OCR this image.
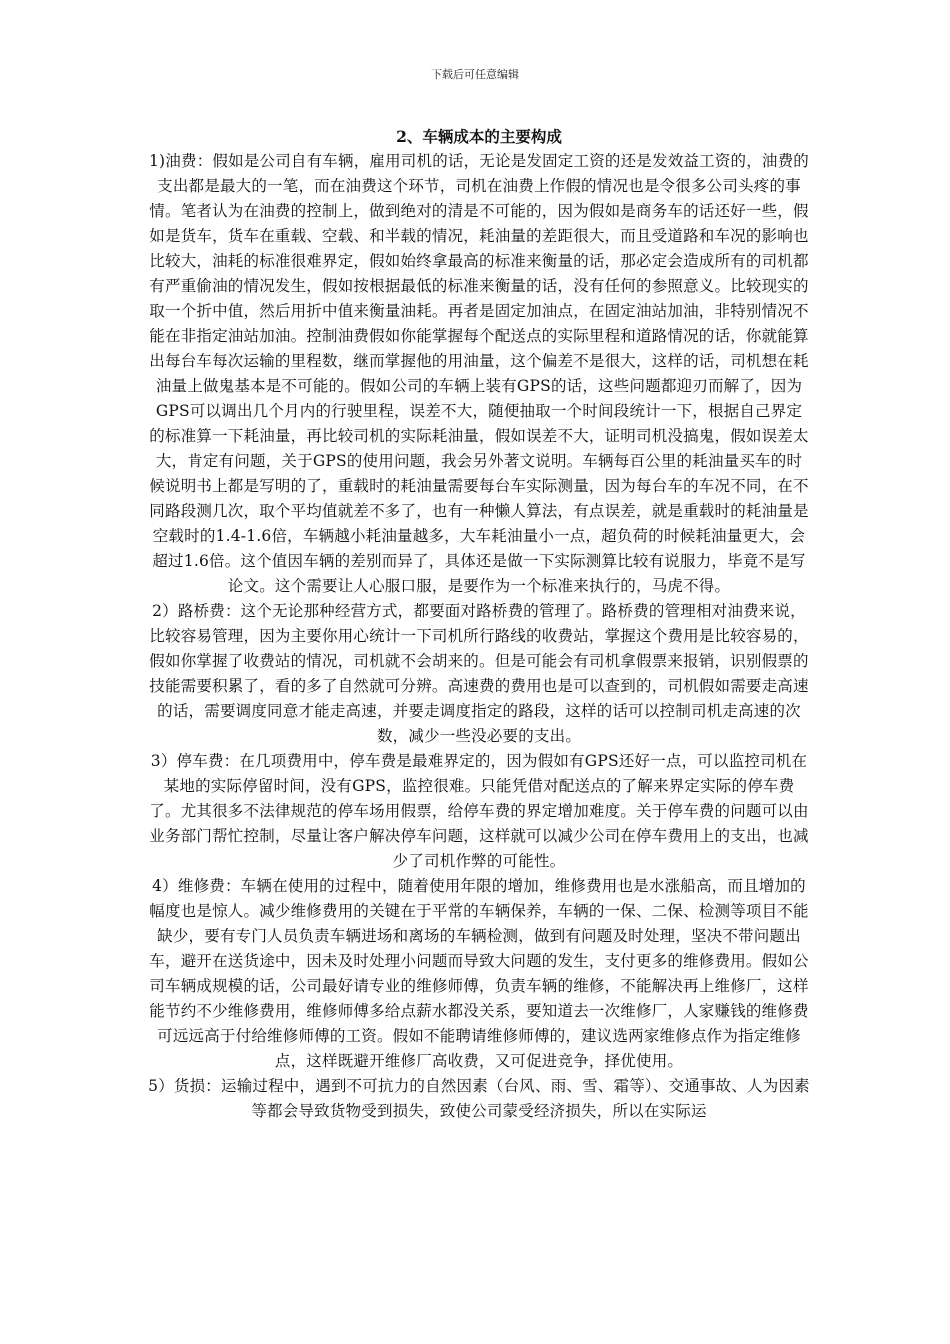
下载后可任意编辑
2、车辆成本的主要构成

1)油费：假如是公司自有车辆，雇用司机的话，无论是发固定工资的还是发效益工资的，油费的支出都是最大的一笔，而在油费这个环节，司机在油费上作假的情况也是令很多公司头疼的事情。笔者认为在油费的控制上，做到绝对的清是不可能的，因为假如是商务车的话还好一些，假如是货车，货车在重载、空载、和半载的情况，耗油量的差距很大，而且受道路和车况的影响也比较大，油耗的标准很难界定，假如始终拿最高的标准来衡量的话，那必定会造成所有的司机都有严重偷油的情况发生，假如按根据最低的标准来衡量的话，没有任何的参照意义。比较现实的取一个折中值，然后用折中值来衡量油耗。再者是固定加油点，在固定油站加油，非特别情况不能在非指定油站加油。控制油费假如你能掌握每个配送点的实际里程和道路情况的话，你就能算出每台车每次运输的里程数，继而掌握他的用油量，这个偏差不是很大，这样的话，司机想在耗油量上做鬼基本是不可能的。假如公司的车辆上装有GPS的话，这些问题都迎刃而解了，因为GPS可以调出几个月内的行驶里程，误差不大，随便抽取一个时间段统计一下，根据自己界定的标准算一下耗油量，再比较司机的实际耗油量，假如误差不大，证明司机没搞鬼，假如误差太大，肯定有问题，关于GPS的使用问题，我会另外著文说明。车辆每百公里的耗油量买车的时候说明书上都是写明的了，重载时的耗油量需要每台车实际测量，因为每台车的车况不同，在不同路段测几次，取个平均值就差不多了，也有一种懒人算法，有点误差，就是重载时的耗油量是空载时的1.4-1.6倍，车辆越小耗油量越多，大车耗油量小一点，超负荷的时候耗油量更大，会超过1.6倍。这个值因车辆的差别而异了，具体还是做一下实际测算比较有说服力，毕竟不是写论文。这个需要让人心服口服，是要作为一个标准来执行的，马虎不得。

2）路桥费：这个无论那种经营方式，都要面对路桥费的管理了。路桥费的管理相对油费来说，比较容易管理，因为主要你用心统计一下司机所行路线的收费站，掌握这个费用是比较容易的，假如你掌握了收费站的情况，司机就不会胡来的。但是可能会有司机拿假票来报销，识别假票的技能需要积累了，看的多了自然就可分辨。高速费的费用也是可以查到的，司机假如需要走高速的话，需要调度同意才能走高速，并要走调度指定的路段，这样的话可以控制司机走高速的次数，减少一些没必要的支出。

3）停车费：在几项费用中，停车费是最难界定的，因为假如有GPS还好一点，可以监控司机在某地的实际停留时间，没有GPS，监控很难。只能凭借对配送点的了解来界定实际的停车费了。尤其很多不法律规范的停车场用假票，给停车费的界定增加难度。关于停车费的问题可以由业务部门帮忙控制，尽量让客户解决停车问题，这样就可以减少公司在停车费用上的支出，也减少了司机作弊的可能性。

4）维修费：车辆在使用的过程中，随着使用年限的增加，维修费用也是水涨船高，而且增加的幅度也是惊人。减少维修费用的关键在于平常的车辆保养，车辆的一保、二保、检测等项目不能缺少，要有专门人员负责车辆进场和离场的车辆检测，做到有问题及时处理，坚决不带问题出车，避开在送货途中，因未及时处理小问题而导致大问题的发生，支付更多的维修费用。假如公司车辆成规模的话，公司最好请专业的维修师傅，负责车辆的维修，不能解决再上维修厂，这样能节约不少维修费用，维修师傅多给点薪水都没关系，要知道去一次维修厂，人家赚钱的维修费可远远高于付给维修师傅的工资。假如不能聘请维修师傅的，建议选两家维修点作为指定维修点，这样既避开维修厂高收费，又可促进竞争，择优使用。

5）货损：运输过程中，遇到不可抗力的自然因素（台风、雨、雪、霜等）、交通事故、人为因素等都会导致货物受到损失，致使公司蒙受经济损失，所以在实际运
